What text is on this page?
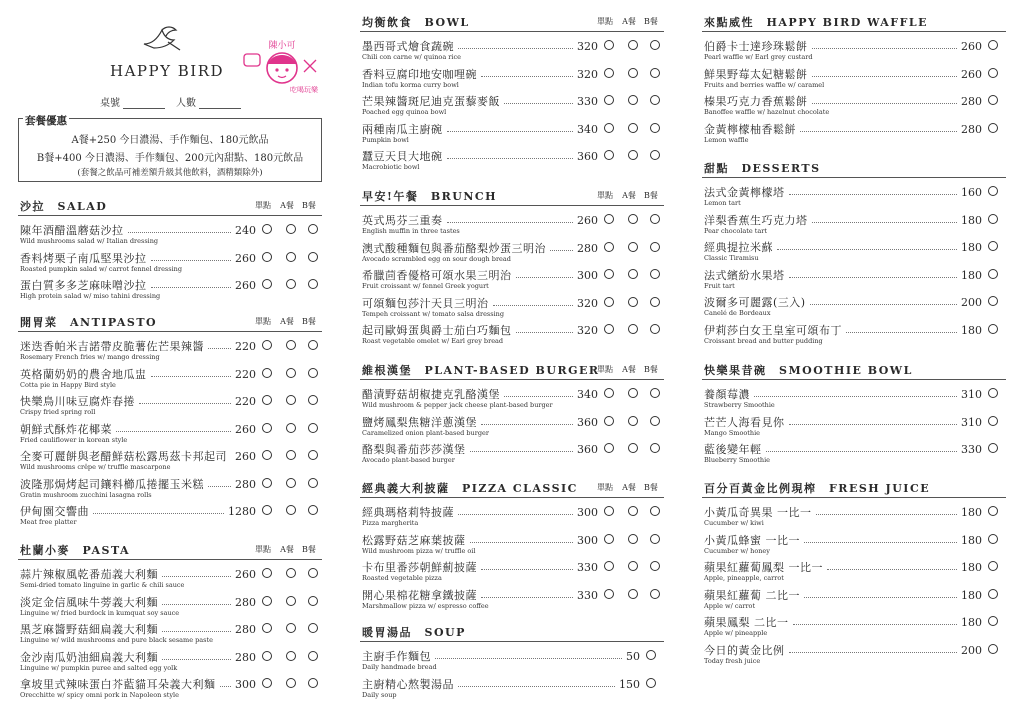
HAPPY BIRD
陳小可
吃喝玩樂
桌號	人數
套餐優惠
A餐+250 今日濃湯、手作麵包、180元飲品
B餐+400 今日濃湯、手作麵包、200元內甜點、180元飲品
(套餐之飲品可補差額升級其他飲料，酒精類除外)
沙拉　SALAD	單點 A餐 B餐
陳年酒醋溫蘑菇沙拉
Wild mushrooms salad w/ Italian dressing
240
香料烤栗子南瓜堅果沙拉
Roasted pumpkin salad w/ carrot fennel dressing
260
蛋白質多多芝麻味噌沙拉
High protein salad w/ miso tahini dressing
260
開胃菜　ANTIPASTO	單點 A餐 B餐
迷迭香帕米吉諾帶皮脆薯佐芒果辣醬
Rosemary French fries w/ mango dressing
220
英格蘭奶奶的農舍地瓜盅
Cotta pie in Happy Bird style
220
快樂鳥川味豆腐炸春捲
Crispy fried spring roll
220
朝鮮式酥炸花椰菜
Fried cauliflower in korean style
260
全麥可麗餅與老醋鮮菇松露馬茲卡邦起司
Wild mushrooms crêpe w/ truffle mascarpone
260
波隆那焗烤起司鑲料櫛瓜捲擺玉米糕
Gratin mushroom zucchini lasagna rolls
280
伊甸園交響曲
Meat free platter
1280
杜蘭小麥　PASTA	單點 A餐 B餐
蒜片辣椒風乾番茄義大利麵
Semi-dried tomato linguine in garlic & chili sauce
260
淡定金信風味牛蒡義大利麵
Linguine w/ fried burdock in kumquat soy sauce
280
黑芝麻醬野菇細扁義大利麵
Linguine w/ wild mushrooms and pure black sesame paste
280
金沙南瓜奶油細扁義大利麵
Linguine w/ pumpkin puree and salted egg yolk
280
拿坡里式辣味蛋白芥藍貓耳朵義大利麵
Orecchitte w/ spicy omni pork in Napoleon style
300
均衡飲食　BOWL	單點 A餐 B餐
墨西哥式燴食蔬碗
Chili con carne w/ quinoa rice
320
香料豆腐印地安咖哩碗
Indian tofu korma curry bowl
320
芒果辣醬斑尼迪克蛋藜麥飯
Poached egg quinoa bowl
330
兩種南瓜主廚碗
Pumpkin bowl
340
蠶豆天貝大地碗
Macrobiotic bowl
360
早安!午餐　BRUNCH	單點 A餐 B餐
英式馬芬三重奏
English muffin in three tastes
260
澳式酸種麵包與番茄酪梨炒蛋三明治
Avocado scrambled egg on sour dough bread
280
希臘茴香優格可頌水果三明治
Fruit croissant w/ fennel Greek yogurt
300
可頌麵包莎汁天貝三明治
Tempeh croissant w/ tomato salsa dressing
320
起司歐姆蛋與爵士茄白巧麵包
Roast vegetable omelet w/ Earl grey bread
320
維根漢堡　PLANT-BASED BURGER
單點 A餐 B餐
醋漬野菇胡椒捷克乳酪漢堡
Wild mushroom & pepper jack cheese plant-based burger
340
鹽烤鳳梨焦糖洋蔥漢堡
Caramelized onion plant-based burger
360
酪梨與番茄莎莎漢堡
Avocado plant-based burger
360
經典義大利披薩　PIZZA CLASSIC	單點 A餐 B餐
經典瑪格莉特披薩
Pizza margherita
300
松露野菇芝麻葉披薩
Wild mushroom pizza w/ truffle oil
300
卡布里番莎朝鮮薊披薩
Roasted vegetable pizza
330
開心果棉花糖拿鐵披薩
Marshmallow pizza w/ espresso coffee
330
暖胃湯品　SOUP
主廚手作麵包
Daily handmade bread
50
主廚精心熬製湯品
Daily soup
150
來點威性　HAPPY BIRD WAFFLE
伯爵卡士達珍珠鬆餅
Pearl waffle w/ Earl grey custard
260
鮮果野莓太妃糖鬆餅
Fruits and berries waffle w/ caramel
260
榛果巧克力香蕉鬆餅
Banoffee waffle w/ hazelnut chocolate
280
金黃檸檬柚香鬆餅
Lemon waffle
280
甜點　DESSERTS
法式金黃檸檬塔
Lemon tart
160
洋梨香蕉生巧克力塔
Pear chocolate tart
180
經典提拉米蘇
Classic Tiramisu
180
法式繽紛水果塔
Fruit tart
180
波爾多可麗露(三入)
Canelé de Bordeaux
200
伊莉莎白女王皇室可頌布丁
Croissant bread and butter pudding
180
快樂果昔碗　SMOOTHIE BOWL
養顏莓濃
Strawberry Smoothie
310
芒芒人海看見你
Mango Smoothie
310
藍後變年輕
Blueberry Smoothie
330
百分百黃金比例現榨　FRESH JUICE
小黃瓜奇異果 一比一
Cucumber w/ kiwi
180
小黃瓜蜂蜜 一比一
Cucumber w/ honey
180
蘋果紅蘿蔔鳳梨 一比一
Apple, pineapple, carrot
180
蘋果紅蘿蔔 二比一
Apple w/ carrot
180
蘋果鳳梨 二比一
Apple w/ pineapple
180
今日的黃金比例
Today fresh juice
200
